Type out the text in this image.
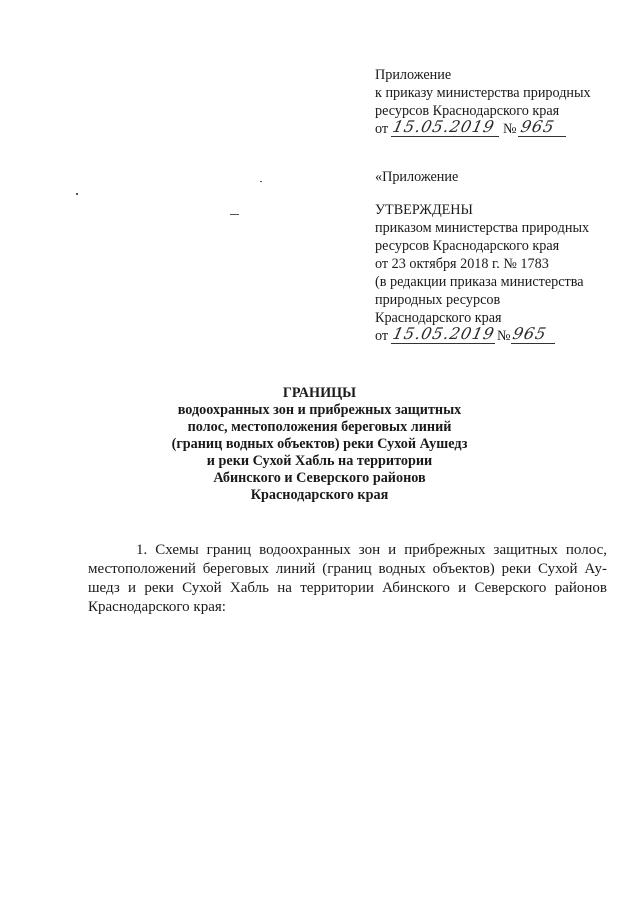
Приложение
к приказу министерства природных
ресурсов Краснодарского края
от 15.05.2019 № 965
«Приложение
УТВЕРЖДЕНЫ
приказом министерства природных
ресурсов Краснодарского края
от 23 октября 2018 г. № 1783
(в редакции приказа министерства
природных ресурсов
Краснодарского края
от 15.05.2019 № 965
ГРАНИЦЫ
водоохранных зон и прибрежных защитных
полос, местоположения береговых линий
(границ водных объектов) реки Сухой Аушедз
и реки Сухой Хабль на территории
Абинского и Северского районов
Краснодарского края
1. Схемы границ водоохранных зон и прибрежных защитных полос,
местоположений береговых линий (границ водных объектов) реки Сухой Ау-
шедз и реки Сухой Хабль на территории Абинского и Северского районов
Краснодарского края:
